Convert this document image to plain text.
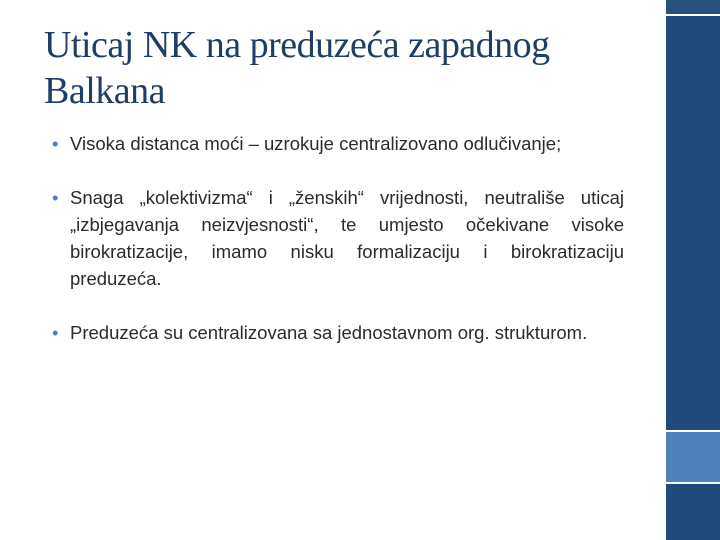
Uticaj NK na preduzeća zapadnog Balkana

• Visoka distanca moći – uzrokuje centralizovano odlučivanje;

• Snaga „kolektivizma“ i „ženskih“ vrijednosti, neutrališe uticaj „izbjegavanja neizvjesnosti“, te umjesto očekivane visoke birokratizacije, imamo nisku formalizaciju i birokratizaciju preduzeća.

• Preduzeća su centralizovana sa jednostavnom org. strukturom.
